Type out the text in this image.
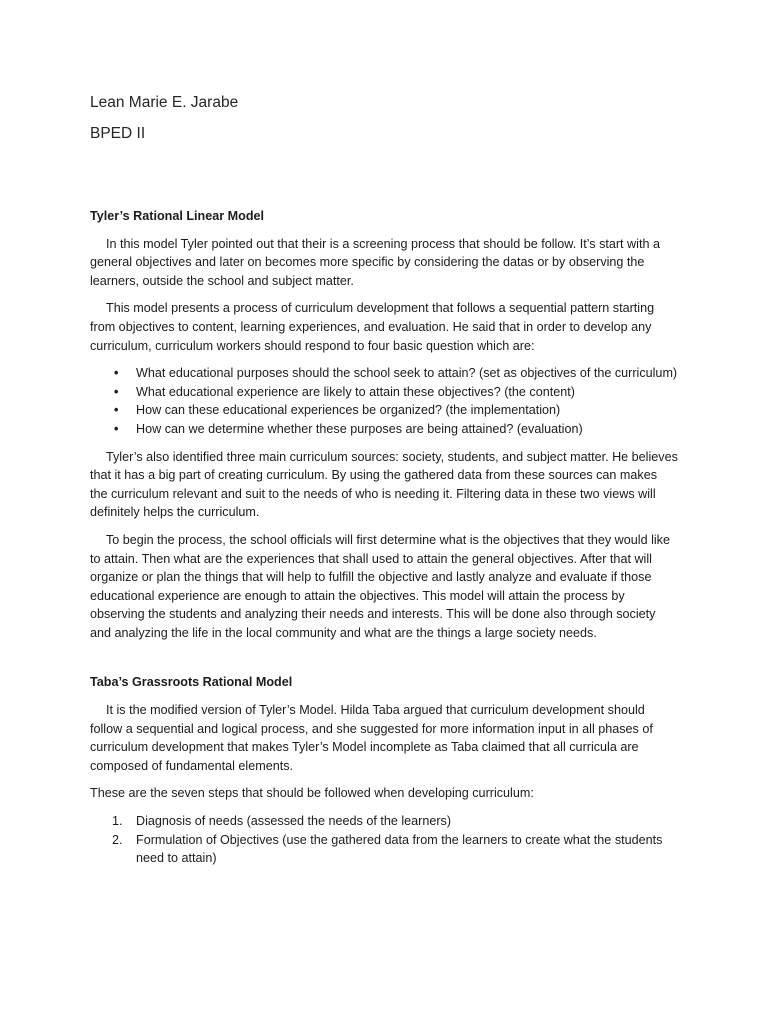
Lean Marie E. Jarabe
BPED II
Tyler’s Rational Linear Model

In this model Tyler pointed out that their is a screening process that should be follow. It’s start with a general objectives and later on becomes more specific by considering the datas or by observing the learners, outside the school and subject matter.

This model presents a process of curriculum development that follows a sequential pattern starting from objectives to content, learning experiences, and evaluation. He said that in order to develop any curriculum, curriculum workers should respond to four basic question which are:

• What educational purposes should the school seek to attain? (set as objectives of the curriculum)
• What educational experience are likely to attain these objectives? (the content)
• How can these educational experiences be organized? (the implementation)
• How can we determine whether these purposes are being attained? (evaluation)

Tyler’s also identified three main curriculum sources: society, students, and subject matter. He believes that it has a big part of creating curriculum. By using the gathered data from these sources can makes the curriculum relevant and suit to the needs of who is needing it. Filtering data in these two views will definitely helps the curriculum.

To begin the process, the school officials will first determine what is the objectives that they would like to attain. Then what are the experiences that shall used to attain the general objectives. After that will organize or plan the things that will help to fulfill the objective and lastly analyze and evaluate if those educational experience are enough to attain the objectives. This model will attain the process by observing the students and analyzing their needs and interests. This will be done also through society and analyzing the life in the local community and what are the things a large society needs.

Taba’s Grassroots Rational Model

It is the modified version of Tyler’s Model. Hilda Taba argued that curriculum development should follow a sequential and logical process, and she suggested for more information input in all phases of curriculum development that makes Tyler’s Model incomplete as Taba claimed that all curricula are composed of fundamental elements.

These are the seven steps that should be followed when developing curriculum:

1. Diagnosis of needs (assessed the needs of the learners)
2. Formulation of Objectives (use the gathered data from the learners to create what the students need to attain)
